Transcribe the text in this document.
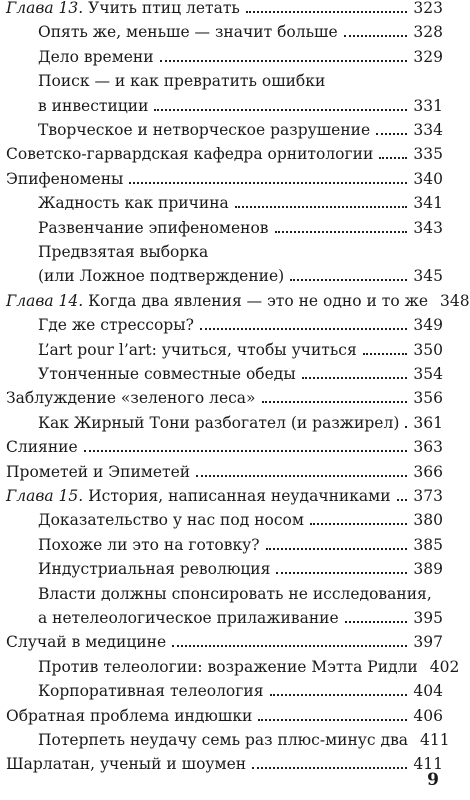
Глава 13. Учить птиц летать	323
Опять же, меньше — значит больше	328
Дело времени	329
Поиск — и как превратить ошибки
в инвестиции	331
Творческое и нетворческое разрушение	334
Советско-гарвардская кафедра орнитологии	335
Эпифеномены	340
Жадность как причина	341
Развенчание эпифеноменов	343
Предвзятая выборка
(или Ложное подтверждение)	345
Глава 14. Когда два явления — это не одно и то же 348
Где же стрессоры?	349
L’art pour l’art: учиться, чтобы учиться	350
Утонченные совместные обеды	354
Заблуждение «зеленого леса»	356
Как Жирный Тони разбогател (и разжирел) 361
Слияние	363
Прометей и Эпиметей	366
Глава 15. История, написанная неудачниками 373
Доказательство у нас под носом	380
Похоже ли это на готовку?	385
Индустриальная революция	389
Власти должны спонсировать не исследования,
а нетелеологическое прилаживание	395
Случай в медицине	397
Против телеологии: возражение Мэтта Ридли 402
Корпоративная телеология	404
Обратная проблема индюшки	406
Потерпеть неудачу семь раз плюс-минус два 411
Шарлатан, ученый и шоумен	411
9
